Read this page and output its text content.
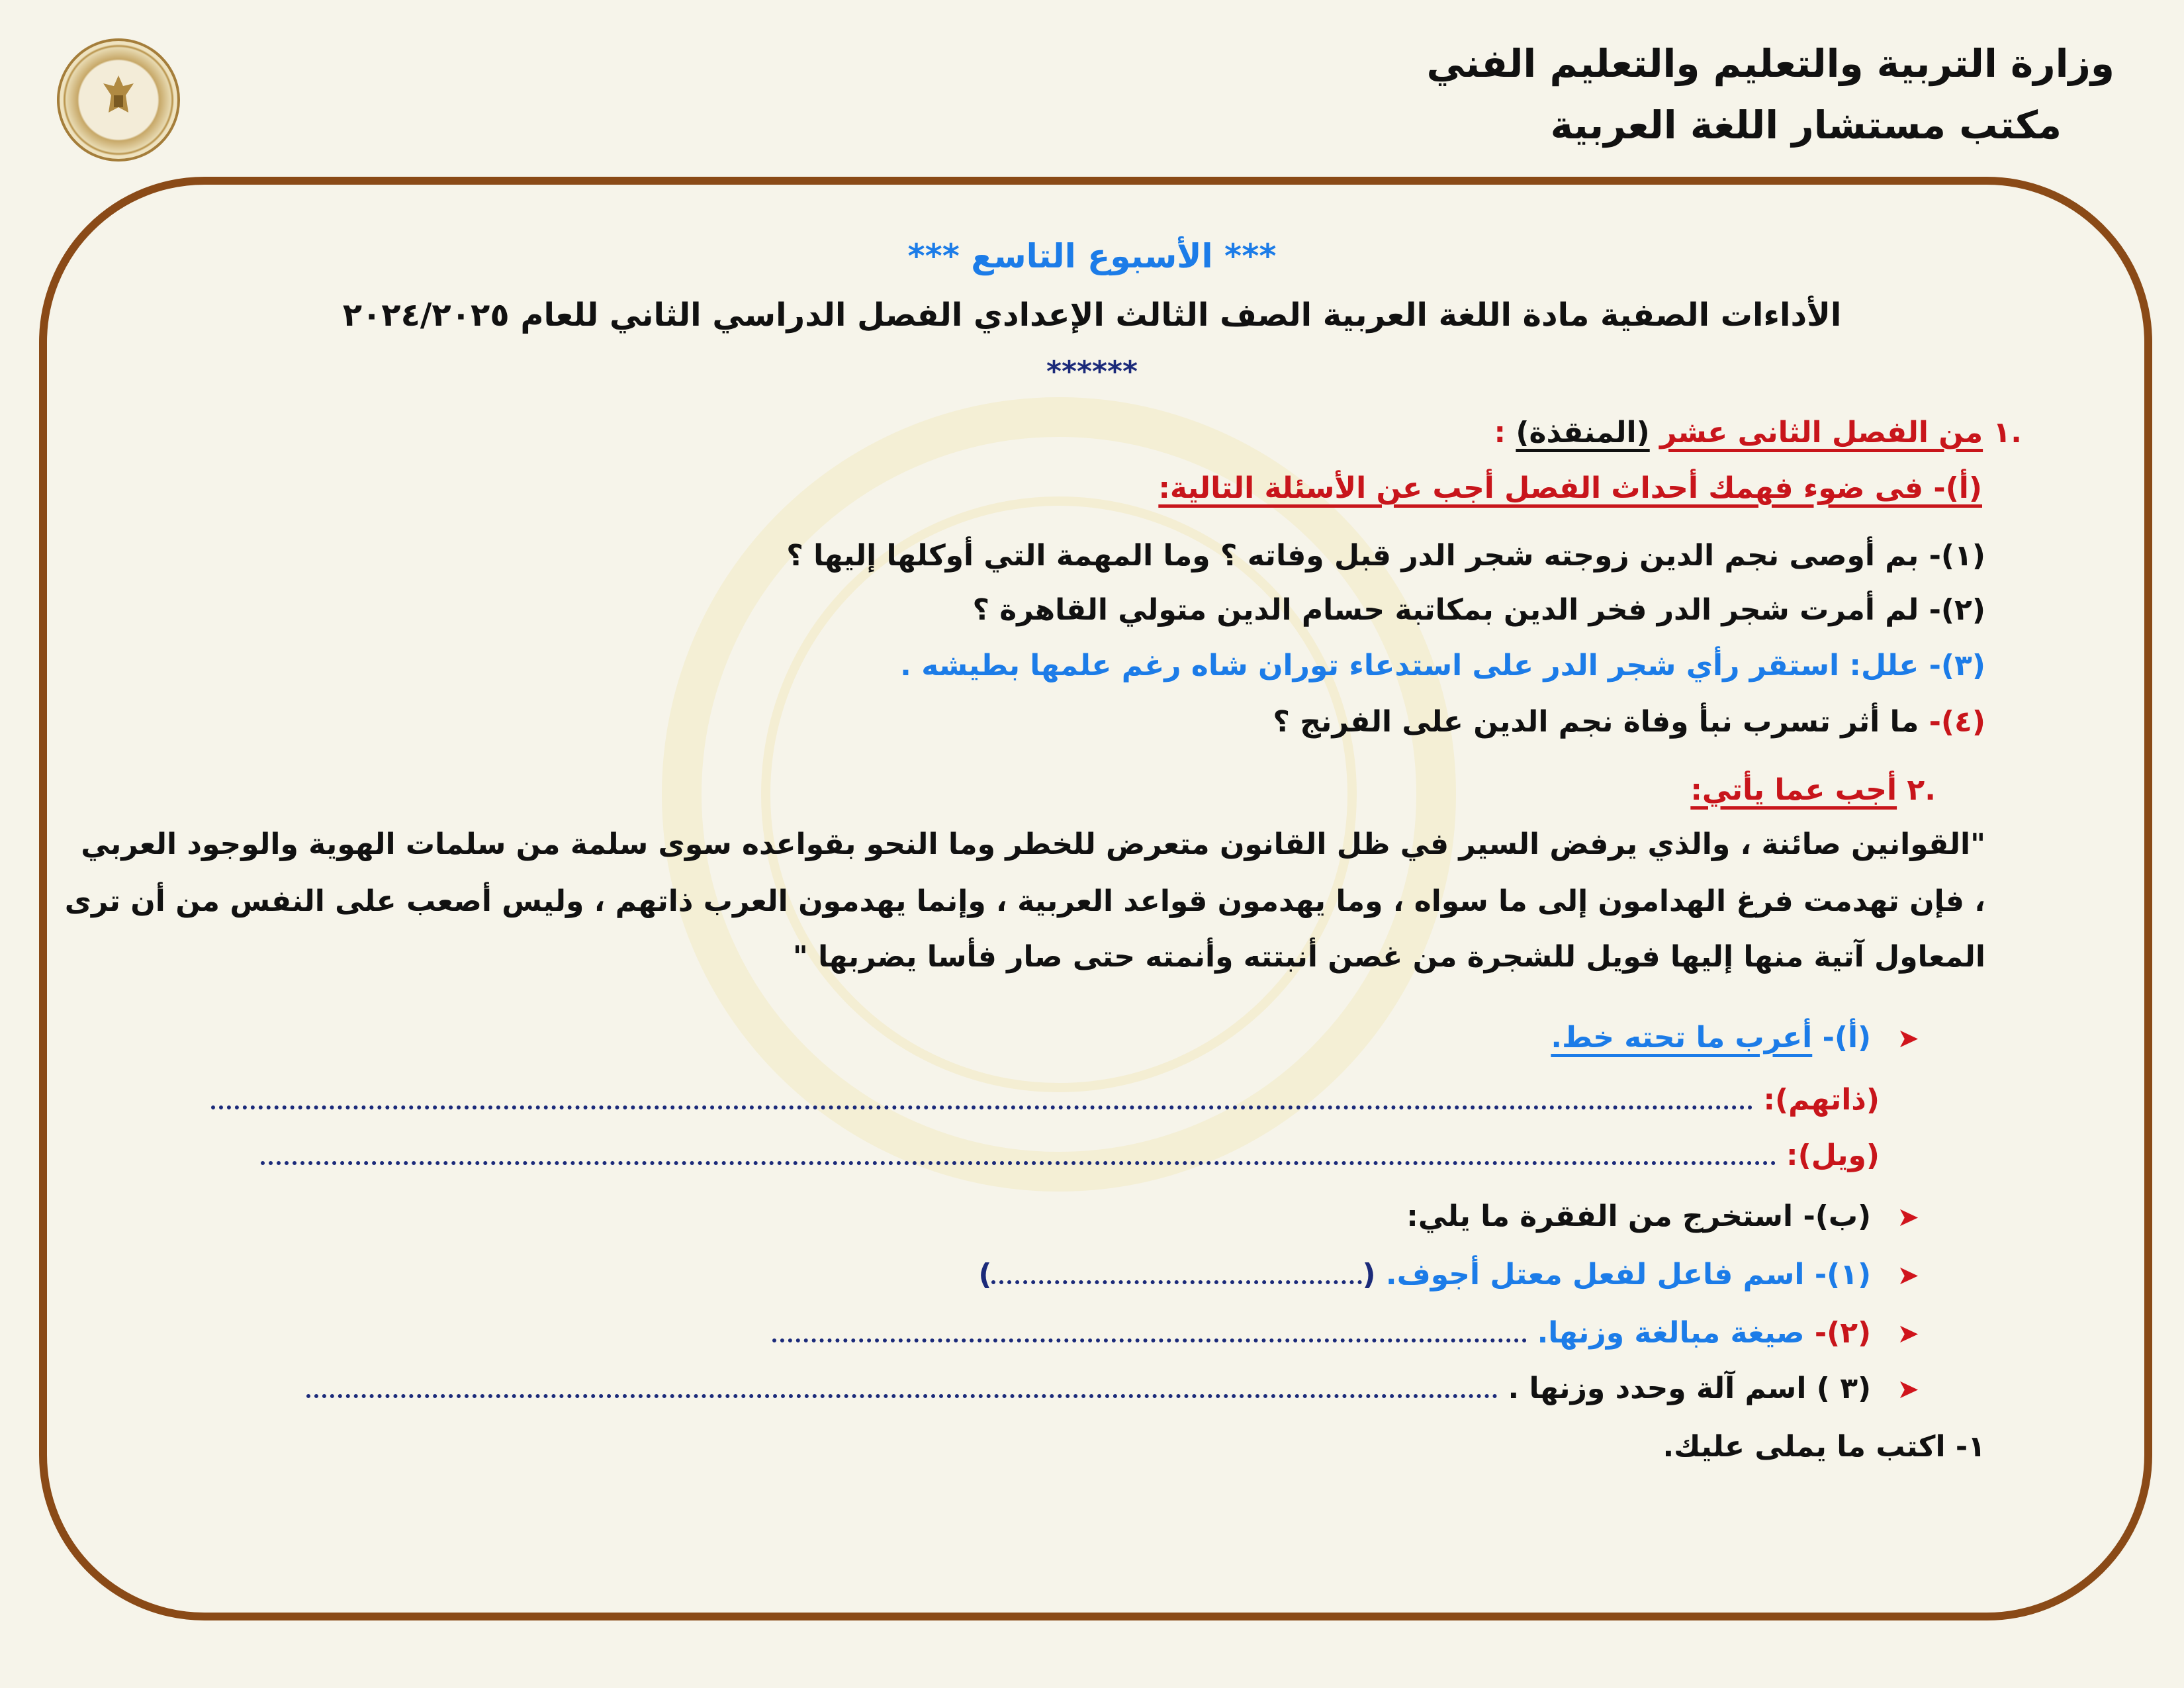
وزارة التربية والتعليم والتعليم الفني
مكتب مستشار اللغة العربية
*** الأسبوع التاسع ***
الأداءات الصفية مادة اللغة العربية الصف الثالث الإعدادي الفصل الدراسي الثاني للعام ٢٠٢٤/٢٠٢٥
******
.١ من الفصل الثانى عشر (المنقذة) :
(أ)- فى ضوء فهمك أحداث الفصل أجب عن الأسئلة التالية:
(١)- بم أوصى نجم الدين زوجته شجر الدر قبل وفاته ؟ وما المهمة التي أوكلها إليها ؟
(٢)- لم أمرت شجر الدر فخر الدين بمكاتبة حسام الدين متولي القاهرة ؟
(٣)- علل: استقر رأي شجر الدر على استدعاء توران شاه رغم علمها بطيشه .
(٤)- ما أثر تسرب نبأ وفاة نجم الدين على الفرنج ؟
.٢ أجب عما يأتي:
"القوانين صائنة ، والذي يرفض السير في ظل القانون متعرض للخطر وما النحو بقواعده سوى سلمة من سلمات الهوية والوجود العربي
، فإن تهدمت فرغ الهدامون إلى ما سواه ، وما يهدمون قواعد العربية ، وإنما يهدمون العرب ذاتهم ، وليس أصعب على النفس من أن ترى
المعاول آتية منها إليها فويل للشجرة من غصن أنبتته وأنمته حتى صار فأسا يضربها "
➤ (أ)- أعرب ما تحته خط.
(ذاتهم):
(ويل):
➤ (ب)- استخرج من الفقرة ما يلي:
➤ (١)- اسم فاعل لفعل معتل أجوف. ()
➤ (٢)- صيغة مبالغة وزنها.
➤ (٣ ) اسم آلة وحدد وزنها .
١- اكتب ما يملى عليك.
